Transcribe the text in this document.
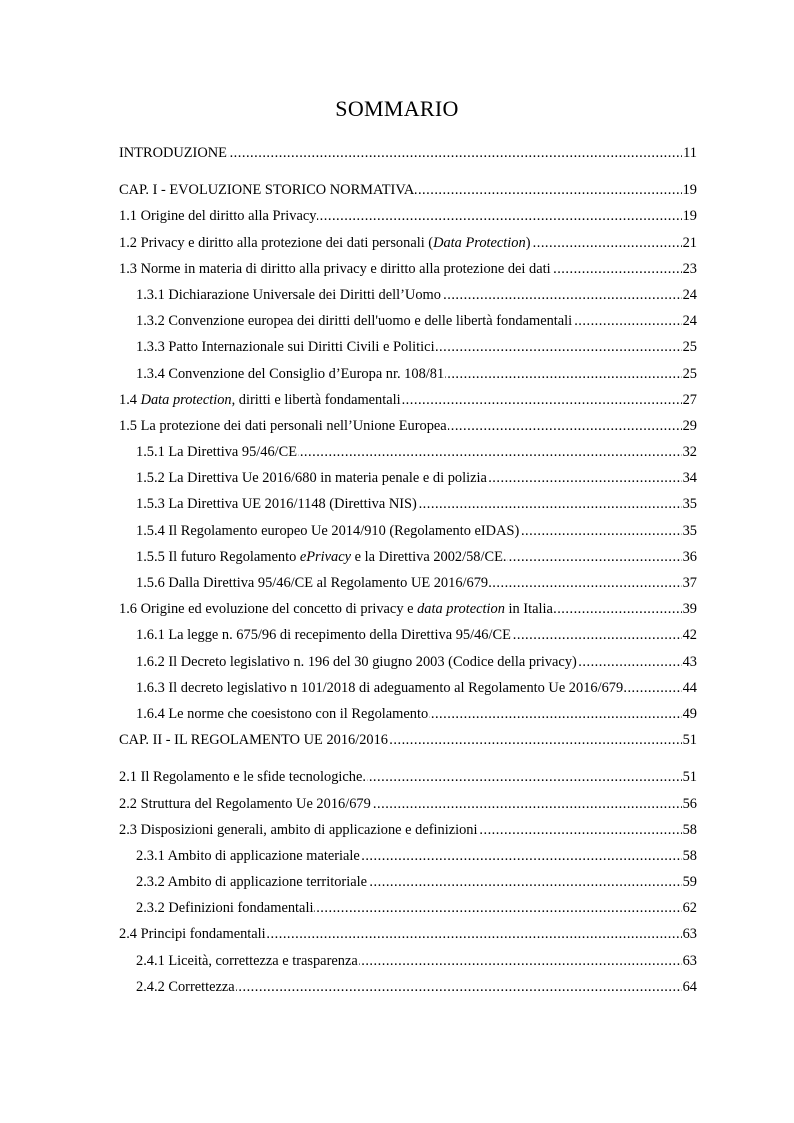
SOMMARIO
. . .
INTRODUZIONE	11
. . .
CAP. I - EVOLUZIONE STORICO NORMATIVA	19
. . .
1.1 Origine del diritto alla Privacy	19
. . .
1.2 Privacy e diritto alla protezione dei dati personali (Data Protection)	21
. . .
1.3 Norme in materia di diritto alla privacy e diritto alla protezione dei dati	23
. . .
1.3.1 Dichiarazione Universale dei Diritti dell’Uomo	24
. . .
1.3.2 Convenzione europea dei diritti dell'uomo e delle libertà fondamentali	24
. . .
1.3.3 Patto Internazionale sui Diritti Civili e Politici	25
. . .
1.3.4 Convenzione del Consiglio d’Europa nr. 108/81	25
. . .
1.4 Data protection, diritti e libertà fondamentali	27
. . .
1.5 La protezione dei dati personali nell’Unione Europea	29
. . .
1.5.1 La Direttiva 95/46/CE	32
. . .
1.5.2 La Direttiva Ue 2016/680 in materia penale e di polizia	34
. . .
1.5.3 La Direttiva UE 2016/1148 (Direttiva NIS)	35
. . .
1.5.4 Il Regolamento europeo Ue 2014/910 (Regolamento eIDAS)	35
. . .
1.5.5 Il futuro Regolamento ePrivacy e la Direttiva 2002/58/CE.	36
. . .
1.5.6 Dalla Direttiva 95/46/CE al Regolamento UE 2016/679	37
. . .
1.6 Origine ed evoluzione del concetto di privacy e data protection in Italia	39
. . .
1.6.1 La legge n. 675/96 di recepimento della Direttiva 95/46/CE	42
. . .
1.6.2 Il Decreto legislativo n. 196 del 30 giugno 2003 (Codice della privacy)	43
. . .
1.6.3 Il decreto legislativo n 101/2018 di adeguamento al Regolamento Ue 2016/679	44
. . .
1.6.4 Le norme che coesistono con il Regolamento	49
. . .
CAP. II - IL REGOLAMENTO UE 2016/2016	51
. . .
2.1 Il Regolamento e le sfide tecnologiche.	51
. . .
2.2 Struttura del Regolamento Ue 2016/679	56
. . .
2.3 Disposizioni generali, ambito di applicazione e definizioni	58
. . .
2.3.1 Ambito di applicazione materiale	58
. . .
2.3.2 Ambito di applicazione territoriale	59
. . .
2.3.2 Definizioni fondamentali	62
. . .
2.4 Principi fondamentali	63
. . .
2.4.1 Liceità, correttezza e trasparenza	63
. . .
2.4.2 Correttezza	64
